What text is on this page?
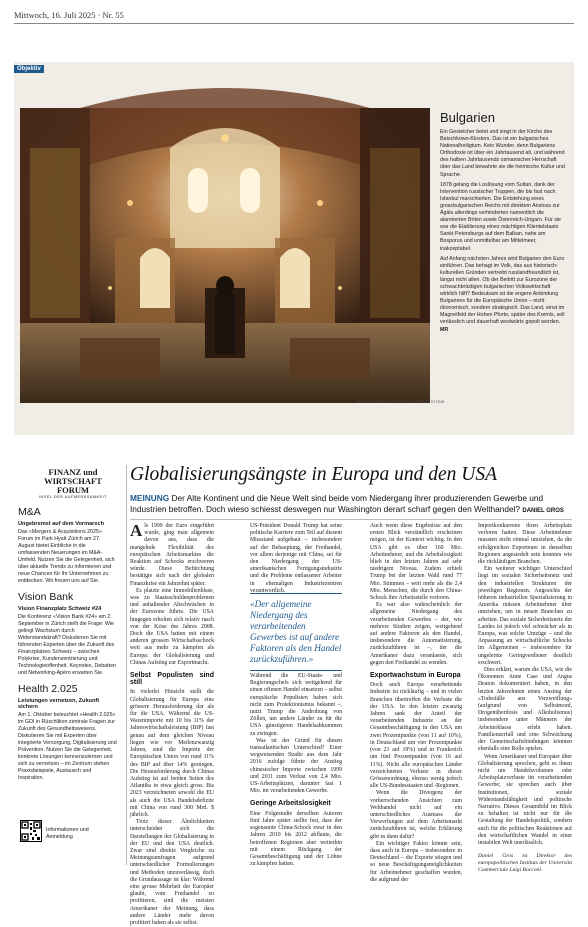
Mittwoch, 16. Juli 2025 · Nr. 55
Objektiv
BILD: VALENTINA PETROVA/AFP/KEYSTONE
Bulgarien

Ein Gesteicher betet und singt in der Kirche des Batschkowo-Klosters. Das ist ein bulgarisches Nationalheiligtum. Kein Wunder, denn Bulgariens Orthodoxie ist über ein Jahrtausend alt, und während des halben Jahrtausends osmanischer Herrschaft über das Land bewahrte sie die heimische Kultur und Sprache.

1878 gelang die Loslösung vom Sultan, dank der Intervention russischer Truppen, die bis fast nach Istanbul marschierten. Die Entstehung eines grossbulgarischen Reichs mit direktem Anstoss zur Ägäis allerdings verhinderten namentlich die alarmierten Briten sowie Österreich-Ungarn. Für sie war die Etablierung eines mächtigen Klientelstaats Sankt Petersburgs auf dem Balkan, nahe am Bosporus und unmittelbar am Mittelmeer, inakzeptabel.

Auf Anfang nächsten Jahres wird Bulgarien den Euro einführen. Das behagt im Volk, das aus historisch-kulturellen Gründen vertreibt russlandfreundlich ist, längst nicht allen. Ob der Beitritt zur Eurozone der schwachbrüstigen bulgarischen Volkswirtschaft wirklich hilft? Bedeutsam ist die engere Anbindung Bulgariens für die Europäische Union – nicht ökonomisch, sondern strategisch. Das Land, einst im Magnetfeld der Hohen Pforte, später des Kremls, soll verlässlich und dauerhaft westwärts gepolt werden. MR

FINANZ und
WIRTSCHAFT FORUM
INSEL DER AUFMERKSAMKEIT
M&A
Ungebremst auf dem Vormarsch

Das «Mergers & Acquisitions 2025» Forum im Park Hyatt Zürich am 27. August bietet Einblicke in die umfassenden Neuerungen im M&A-Umfeld. Nutzen Sie die Gelegenheit, sich über aktuelle Trends zu informieren und neue Chancen für Ihr Unternehmen zu entdecken. Wir freuen uns auf Sie.

Vision Bank
Vision Finanzplatz Schweiz #24

Die Konferenz «Vision Bank #24» am 2. September in Zürich stellt die Frage: Wie gelingt Wachstum durch Widerstandskraft? Diskutieren Sie mit führenden Experten über die Zukunft des Finanzplatzes Schweiz – zwischen Polykrise, Kundenzentrierung und Technologieoffenheit. Keynotes, Debatten und Networking-Apéro erwarten Sie.

Health 2.025
Leistungen vernetzen, Zukunft sichern

Am 1. Oktober beleuchtet «Health 2.025» im GDI in Rüschlikon zentrale Fragen zur Zukunft des Gesundheitswesens. Diskutieren Sie mit Experten über integrierte Versorgung, Digitalisierung und Prävention. Nutzen Sie die Gelegenheit, konkrete Lösungen kennenzulernen und sich zu vernetzen – im Zentrum stehen Praxisbeispiele, Austausch und Inspiration.

Informationen und
Anmeldung
Globalisierungsängste in Europa und den USA
MEINUNG Der Alte Kontinent und die Neue Welt sind beide vom Niedergang ihrer produzierenden Gewerbe und Industrien betroffen. Doch wieso schiesst deswegen nur Washington derart scharf gegen den Welthandel? DANIEL GROS
A ls 1999 der Euro eingeführt wurde, ging man allgemein davon aus, dass die mangelnde Flexibilität des europäischen Arbeitsmarktes die Reaktion auf Schocks erschweren würde. Diese Befürchtung bestätigte sich nach der globalen Finanzkrise ein Jahrzehnt später.

Es platzte eine Immobilienblase, was zu Staatsschuldenproblemen und anhaltender Abschwächen in der Eurozone führte. Die USA hingegen erholten sich relativ rasch von der Krise des Jahres 2008. Doch die USA hatten mit einem anderen grossen Wirtschaftsschock weit aus mehr zu kämpfen als Europa: der Globalisierung und Chinas Aufstieg zur Exportmacht.

Selbst Populisten sind still

In vielerlei Hinsicht stellt die Globalisierung für Europa eine grössere Herausforderung dar als für die USA. Während die US-Warenimporte mit 10 bis 11% der Jahreswirtschaftsleistung (BIP) fast genau auf dem gleichen Niveau liegen wie vor Meilenzwanzig Jahren, sind die Importe der Europäischen Union von rund 11% des BIP auf über 14% gestiegen. Die Herausforderung durch Chinas Aufstieg ist auf beiden Seiten des Atlantiks in etwa gleich gross. Bis 2023 verzeichneten sowohl die EU als auch die USA Handelsdefizite mit China von rund 300 Mrd. $ jährlich.

Trotz dieser Ähnlichkeiten unterscheiden sich die Darstellungen der Globalisierung in der EU und den USA deutlich. Zwar sind direkte Vergleiche zu Meinungsumfragen aufgrund unterschiedlicher Formulierungen und Methoden unzuverlässig, doch die Grundaussage ist klar: Während eine grosse Mehrheit der Europäer glaubt, vom Freihandel zu profitieren, sind die meisten Amerikaner der Meinung, dass andere Länder mehr davon profitiert haben als sie selbst.

US-Präsident Donald Trump hat seine politische Karriere zum Teil auf diesem Missstand aufgebaut – insbesondere auf der Behauptung, der Freihandel, vor allem derjenige mit China, sei für den Niedergang der US-amerikanischen Fertigungsindustrie und die Probleme entlassener Arbeiter in ehemaligen Industriezentren verantwortlich.

Während die EU-Staats- und Regierungschefs sich weitgehend für einen offenen Handel einsetzen – selbst europäische Populisten haben sich nicht zum Protektionismus bekannt –, nutzt Trump die Androhung von Zöllen, um andere Länder zu für die USA günstigeren Handelsabkommen zu zwingen.

Was ist der Grund für diesen transatlantischen Unterschied? Einer wegweisenden Studie aus dem Jahr 2016 zufolge führte der Anstieg chinesischer Importe zwischen 1999 und 2011 zum Verlust von 2,4 Mio. US-Arbeitsplätzen, darunter fast 1 Mio. im verarbeitenden Gewerbe.

Geringe Arbeitslosigkeit

Eine Folgestudie derselben Autoren fünf Jahre später stellte fest, dass der sogenannte China-Schock zwar in den Jahren 2010 bis 2012 abflaute, die betroffenen Regionen aber weiterhin mit einem Rückgang der Gesamtbeschäftigung und der Löhne zu kämpfen hatten.

«Der allgemeine Niedergang des verarbeitenden Gewerbes ist auf andere Faktoren als den Handel zurückzuführen.»

Auch wenn diese Ergebnisse auf den ersten Blick verständlich erscheinen mögen, ist der Kontext wichtig. In den USA gibt es über 160 Mio. Arbeitnehmer, und die Arbeitslosigkeit blieb in den letzten Jahren auf sehr niedrigem Niveau. Zudem erhielt Trump bei der letzten Wahl rund 77 Mio. Stimmen – weit mehr als die 2,4 Mio. Menschen, die durch den China-Schock ihre Arbeitsstelle verloren.

Es war also wahrscheinlich der allgemeine Niedergang des verarbeitenden Gewerbes – der, wie mehrere Studien zeigen, weitgehend auf andere Faktoren als den Handel, insbesondere die Automatisierung, zurückzuführen ist –, der die Amerikaner dazu veranlasste, sich gegen den Freihandel zu wenden.

Exportwachstum in Europa

Doch auch Europa verarbeitende Industrie ist rückläufig – und in vielen Branchen übertreffen die Verluste die der USA. In den letzten zwanzig Jahren sank der Anteil der verarbeitenden Industrie an der Gesamtbeschäftigung in den USA um zwei Prozentpunkte (von 11 auf 10%), in Deutschland um vier Prozentpunkte (von 23 auf 19%) und in Frankreich um fünf Prozentpunkte (von 16 auf 11%). Nicht alle europäischen Länder verzeichneten Verluste in dieser Grössenordnung, ebenso wenig jedoch alle US-Bundesstaaten und -Regionen.

Wenn die Divergenz der vorherrschenden Ansichten zum Welthandel nicht auf ein unterschiedliches Ausmass der Verwerfungen auf dem Arbeitsmarkt zurückzuführen ist, welche Erklärung gibt es dann dafür?

Ein wichtiger Faktor könnte sein, dass auch in Europa – insbesondere in Deutschland – die Exporte stiegen und so neue Beschäftigungsmöglichkeiten für Arbeitnehmer geschaffen wurden, die aufgrund der

Importkonkurrenz ihren Arbeitsplatz verloren hatten. Diese Arbeitnehmer mussten nicht einmal umziehen, da die erfolgreichen Exporteure in denselben Regionen angesiedelt sein konnten wie die rückläufigen Branchen.

Ein weiterer wichtiger Unterschied liegt im sozialen Sicherheitsnetz und den industriellen Strukturen der jeweiligen Regionen. Angesichts der höheren industriellen Spezialisierung in Amerika müssen Arbeitnehmer über umziehen, um in neuen Branchen zu arbeiten. Das soziale Sicherheitsnetz der Landes ist jedoch viel schwächer als in Europa, was solche Umzüge – und die Anpassung an wirtschaftliche Schocks im Allgemeinen – insbesondere für ungelernte Geringverdiener deutlich erschwert.

Dies erklärt, warum die USA, wie die Ökonomen Anne Case und Angus Deaton dokumentiert haben, in den letzten Jahrzehnten einen Anstieg der «Todesfälle aus Verzweiflung» (aufgrund von Selbstmord, Drogenüberdosis und Alkoholismus) insbesondere unter Männern der Arbeiterklasse erlebt haben. Familienzerfall und eine Schwächung der Gemeinschaftsbindungen könnten ebenfalls eine Rolle spielen.

Wenn Amerikaner und Europäer über Globalisierung sprechen, geht es ihnen nicht um Handelsvolumen oder Arbeitsplatzverluste im verarbeitenden Gewerbe; sie sprechen auch über Institutionen, soziale Widerstandsfähigkeit und politische Narrative. Dieses Gesamtbild im Blick zu behalten ist nicht nur für die Gestaltung der Handelspolitik, sondern auch für die politischen Reaktionen auf den wirtschaftlichen Wandel in einer instabilen Welt unerlässlich.

Daniel Gros ist Direktor des europapolitischen Instituts der Università Commerciale Luigi Bocconi.
